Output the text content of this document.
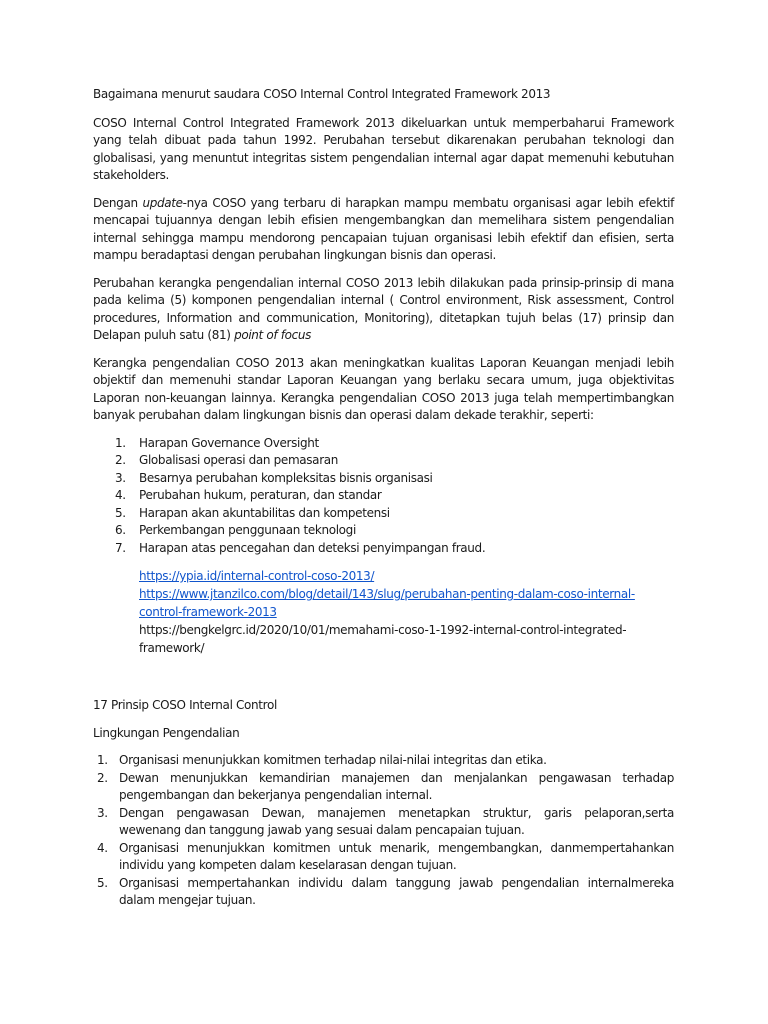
Bagaimana menurut saudara COSO Internal Control Integrated Framework 2013

COSO Internal Control Integrated Framework 2013 dikeluarkan untuk memperbaharui Framework yang telah dibuat pada tahun 1992. Perubahan tersebut dikarenakan perubahan teknologi dan globalisasi, yang menuntut integritas sistem pengendalian internal agar dapat memenuhi kebutuhan stakeholders.

Dengan update-nya COSO yang terbaru di harapkan mampu membatu organisasi agar lebih efektif mencapai tujuannya dengan lebih efisien mengembangkan dan memelihara sistem pengendalian internal sehingga mampu mendorong pencapaian tujuan organisasi lebih efektif dan efisien, serta mampu beradaptasi dengan perubahan lingkungan bisnis dan operasi.

Perubahan kerangka pengendalian internal COSO 2013 lebih dilakukan pada prinsip-prinsip di mana pada kelima (5) komponen pengendalian internal ( Control environment, Risk assessment, Control procedures, Information and communication, Monitoring), ditetapkan tujuh belas (17) prinsip dan Delapan puluh satu (81) point of focus

Kerangka pengendalian COSO 2013 akan meningkatkan kualitas Laporan Keuangan menjadi lebih objektif dan memenuhi standar Laporan Keuangan yang berlaku secara umum, juga objektivitas Laporan non-keuangan lainnya. Kerangka pengendalian COSO 2013 juga telah mempertimbangkan banyak perubahan dalam lingkungan bisnis dan operasi dalam dekade terakhir, seperti:

1.	Harapan Governance Oversight
2.	Globalisasi operasi dan pemasaran
3.	Besarnya perubahan kompleksitas bisnis organisasi
4.	Perubahan hukum, peraturan, dan standar
5.	Harapan akan akuntabilitas dan kompetensi
6.	Perkembangan penggunaan teknologi
7.	Harapan atas pencegahan dan deteksi penyimpangan fraud.
https://ypia.id/internal-control-coso-2013/
https://www.jtanzilco.com/blog/detail/143/slug/perubahan-penting-dalam-coso-internal-
control-framework-2013
https://bengkelgrc.id/2020/10/01/memahami-coso-1-1992-internal-control-integrated-
framework/

17 Prinsip COSO Internal Control

Lingkungan Pengendalian

1. Organisasi menunjukkan komitmen terhadap nilai-nilai integritas dan etika.
2. Dewan menunjukkan kemandirian manajemen dan menjalankan pengawasan terhadap pengembangan dan bekerjanya pengendalian internal.
3. Dengan pengawasan Dewan, manajemen menetapkan struktur, garis pelaporan,serta wewenang dan tanggung jawab yang sesuai dalam pencapaian tujuan.
4. Organisasi menunjukkan komitmen untuk menarik, mengembangkan, danmempertahankan individu yang kompeten dalam keselarasan dengan tujuan.
5. Organisasi mempertahankan individu dalam tanggung jawab pengendalian internalmereka dalam mengejar tujuan.
